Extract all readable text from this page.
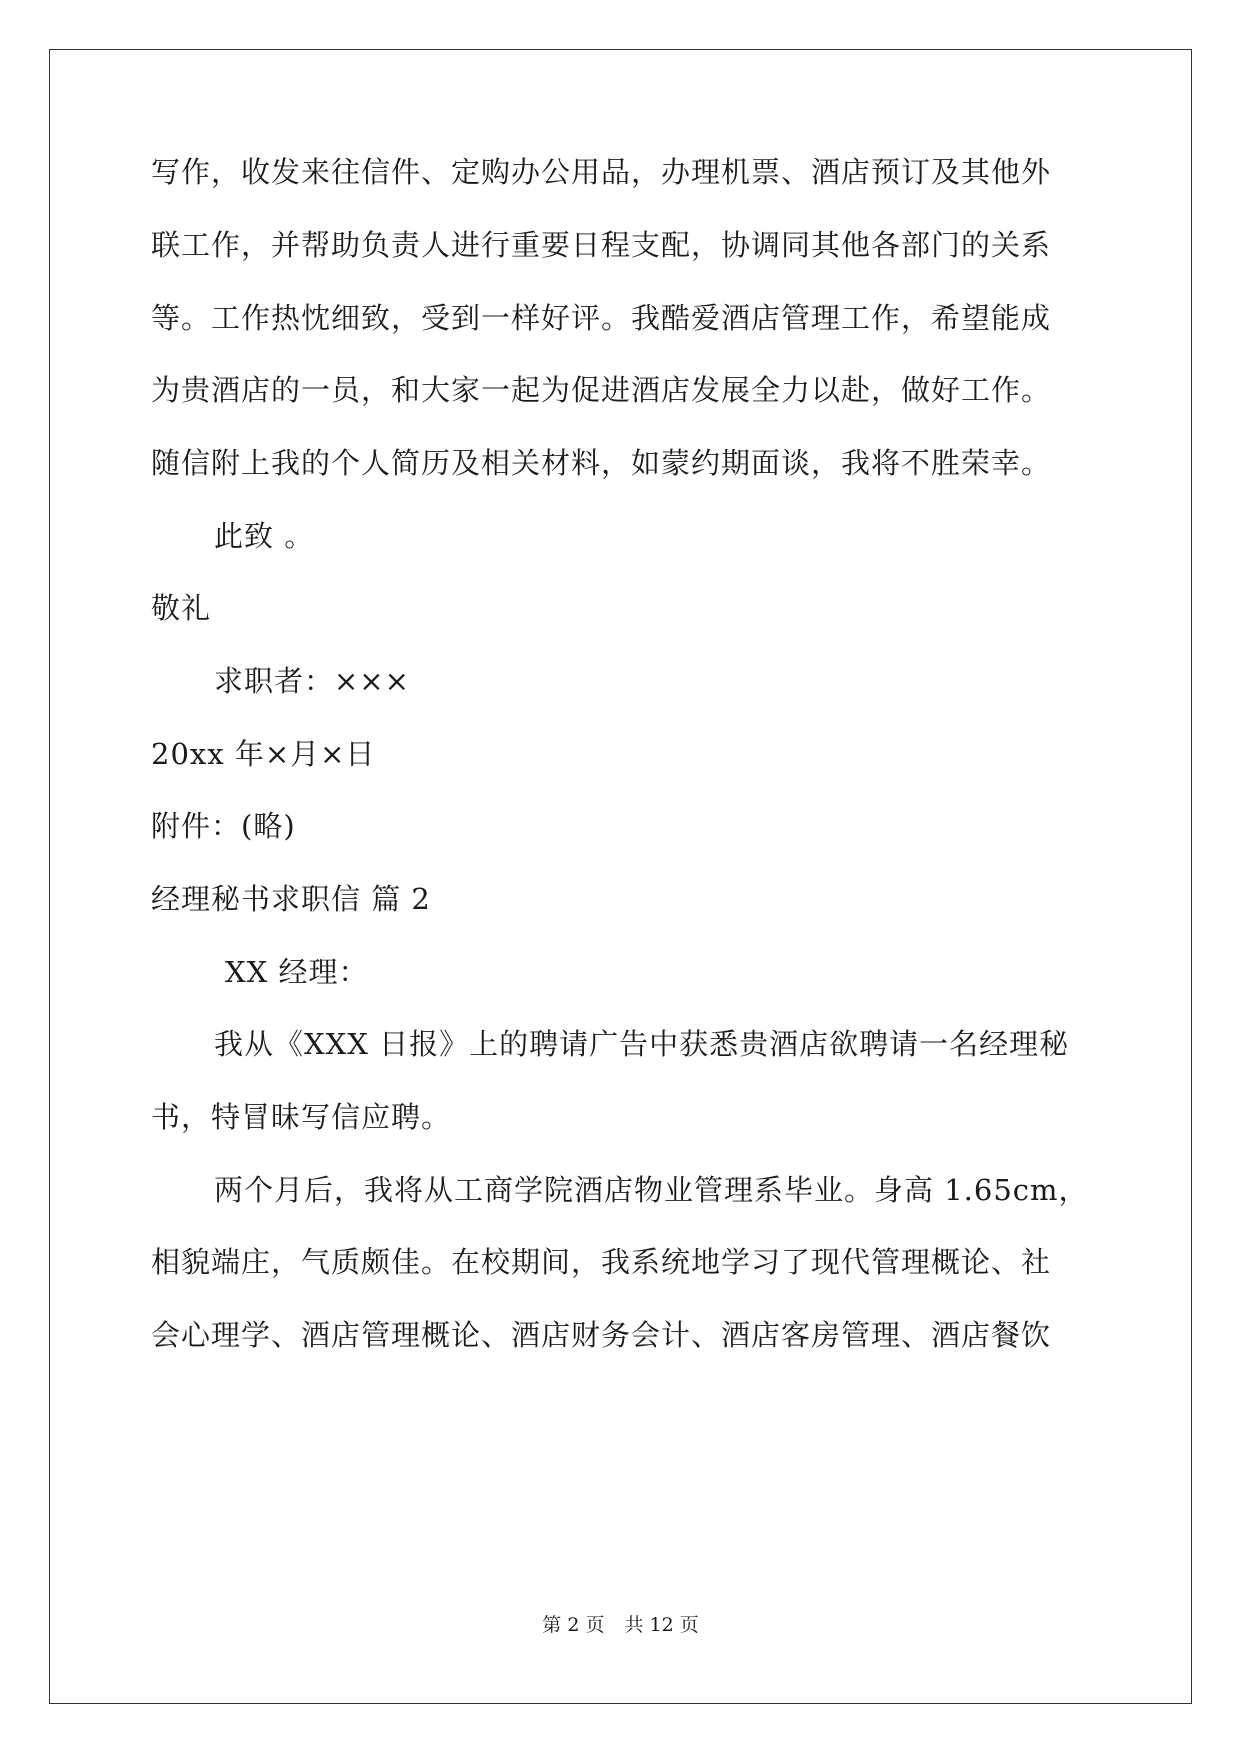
写作，收发来往信件、定购办公用品，办理机票、酒店预订及其他外
联工作，并帮助负责人进行重要日程支配，协调同其他各部门的关系
等。工作热忱细致，受到一样好评。我酷爱酒店管理工作，希望能成
为贵酒店的一员，和大家一起为促进酒店发展全力以赴，做好工作。
随信附上我的个人简历及相关材料，如蒙约期面谈，我将不胜荣幸。
此致 。
敬礼
求职者：×××
20xx 年×月×日
附件：(略)
经理秘书求职信 篇 2
XX 经理：
我从《XXX 日报》上的聘请广告中获悉贵酒店欲聘请一名经理秘
书，特冒昧写信应聘。
两个月后，我将从工商学院酒店物业管理系毕业。身高 1.65cm，
相貌端庄，气质颇佳。在校期间，我系统地学习了现代管理概论、社
会心理学、酒店管理概论、酒店财务会计、酒店客房管理、酒店餐饮
第 2 页 共 12 页
